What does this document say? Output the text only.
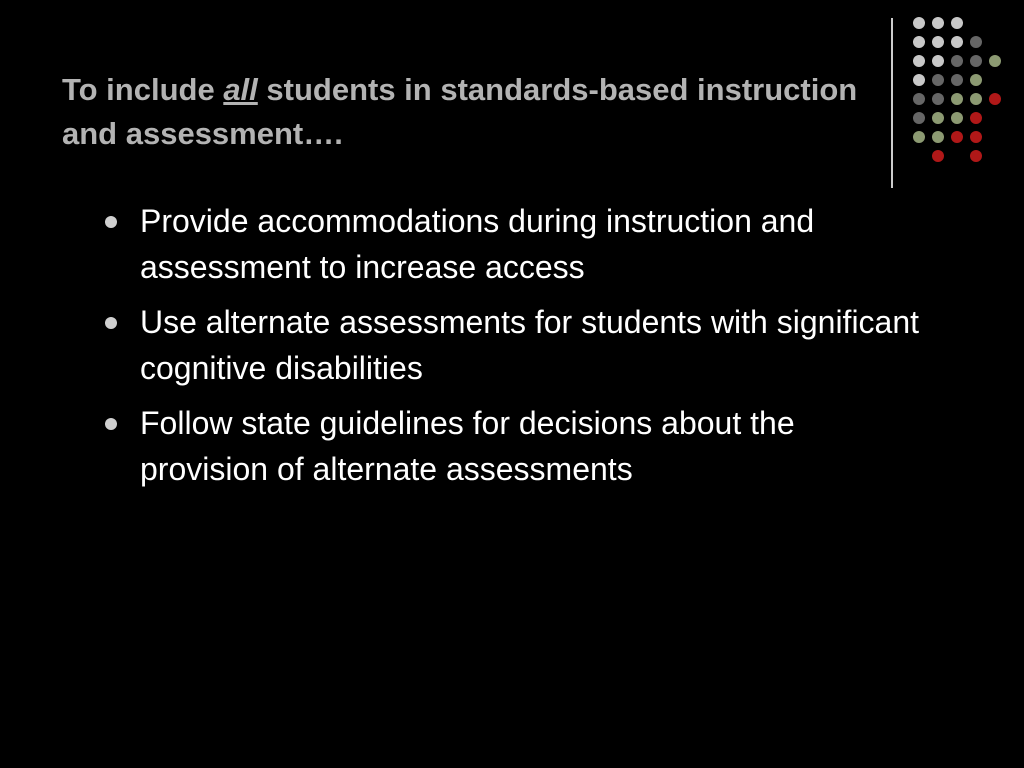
To include all students in standards-based instruction and assessment….
Provide accommodations during instruction and assessment to increase access
Use alternate assessments for students with significant cognitive disabilities
Follow state guidelines for decisions about the provision of alternate assessments
